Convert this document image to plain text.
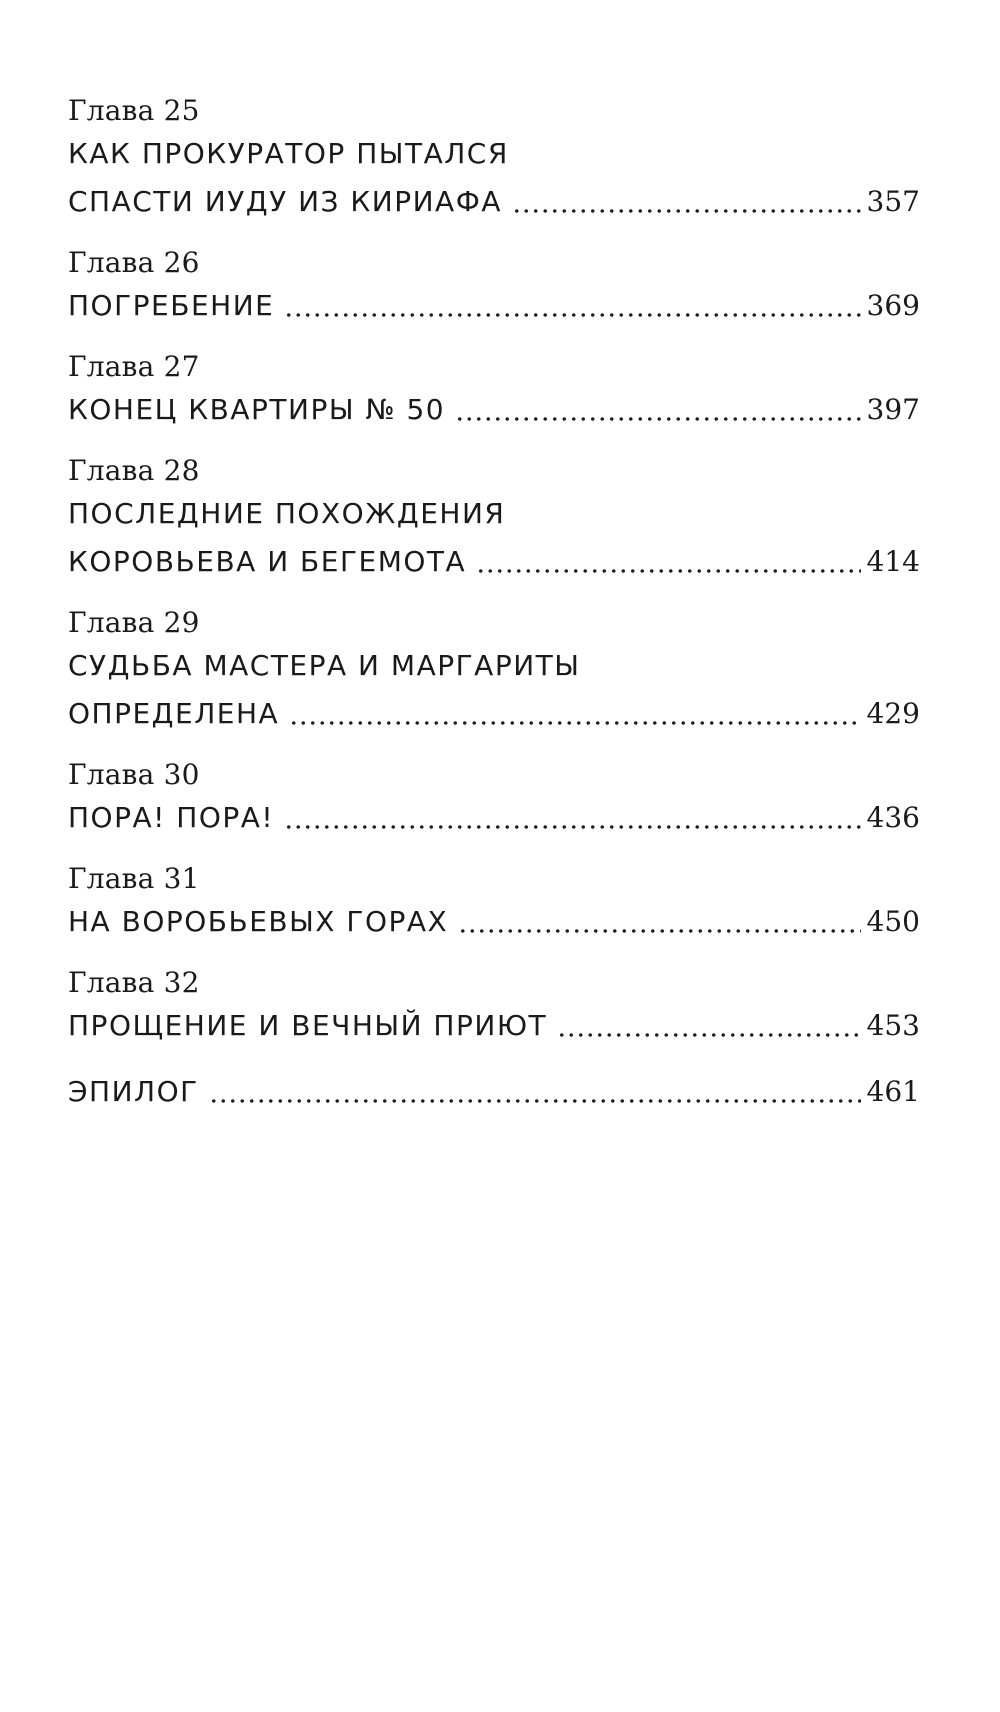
Глава 25
КАК ПРОКУРАТОР ПЫТАЛСЯ
СПАСТИ ИУДУ ИЗ КИРИАФА	357
Глава 26
ПОГРЕБЕНИЕ	369
Глава 27
КОНЕЦ КВАРТИРЫ № 50	397
Глава 28
ПОСЛЕДНИЕ ПОХОЖДЕНИЯ
КОРОВЬЕВА И БЕГЕМОТА	414
Глава 29
СУДЬБА МАСТЕРА И МАРГАРИТЫ
ОПРЕДЕЛЕНА	429
Глава 30
ПОРА! ПОРА!	436
Глава 31
НА ВОРОБЬЕВЫХ ГОРАХ	450
Глава 32
ПРОЩЕНИЕ И ВЕЧНЫЙ ПРИЮТ	453
ЭПИЛОГ	461
